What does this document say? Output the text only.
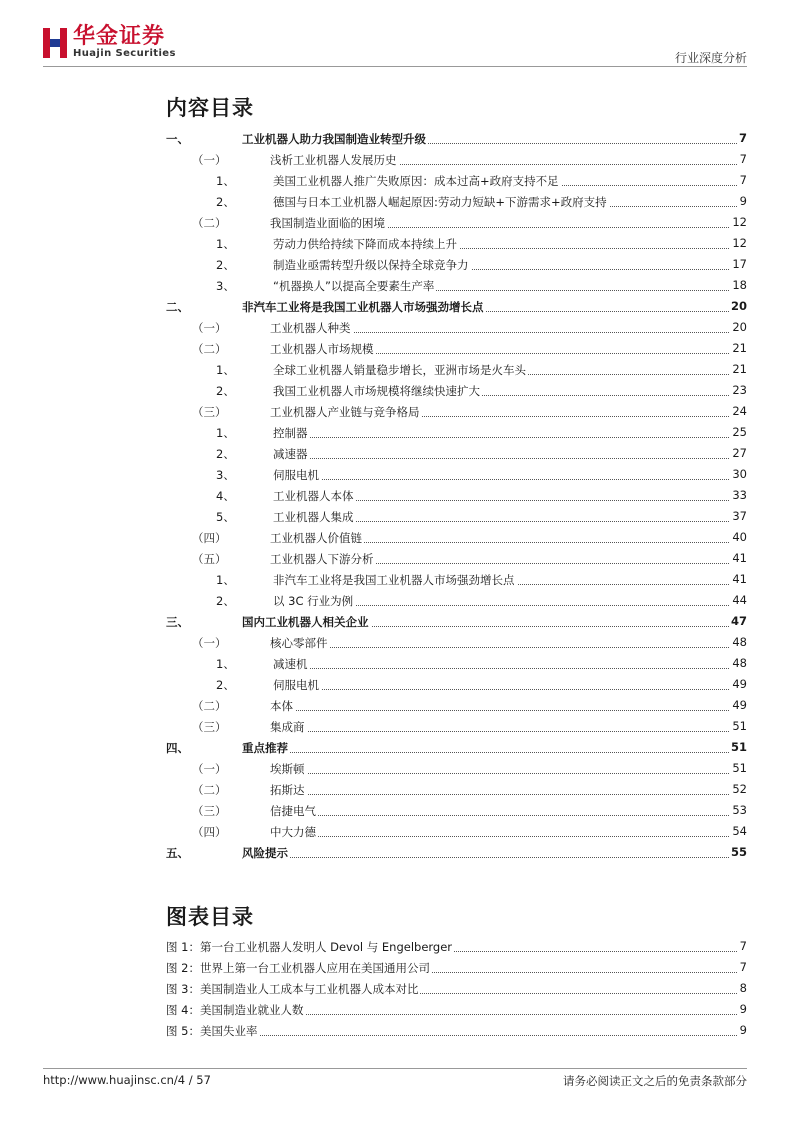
华金证券
Huajin Securities	行业深度分析
内容目录
一、	工业机器人助力我国制造业转型升级	7
（一）	浅析工业机器人发展历史	7
1、	美国工业机器人推广失败原因：成本过高+政府支持不足	7
2、	德国与日本工业机器人崛起原因:劳动力短缺+下游需求+政府支持	9
（二）	我国制造业面临的困境	12
1、	劳动力供给持续下降而成本持续上升	12
2、	制造业亟需转型升级以保持全球竞争力	17
3、	“机器换人”以提高全要素生产率	18
二、	非汽车工业将是我国工业机器人市场强劲增长点	20
（一）	工业机器人种类	20
（二）	工业机器人市场规模	21
1、	全球工业机器人销量稳步增长，亚洲市场是火车头	21
2、	我国工业机器人市场规模将继续快速扩大	23
（三）	工业机器人产业链与竞争格局	24
1、	控制器	25
2、	减速器	27
3、	伺服电机	30
4、	工业机器人本体	33
5、	工业机器人集成	37
（四）	工业机器人价值链	40
（五）	工业机器人下游分析	41
1、	非汽车工业将是我国工业机器人市场强劲增长点	41
2、	以 3C 行业为例	44
三、	国内工业机器人相关企业	47
（一）	核心零部件	48
1、	减速机	48
2、	伺服电机	49
（二）	本体	49
（三）	集成商	51
四、	重点推荐	51
（一）	埃斯顿	51
（二）	拓斯达	52
（三）	信捷电气	53
（四）	中大力德	54
五、	风险提示	55
图表目录
图 1：第一台工业机器人发明人 Devol 与 Engelberger	7
图 2：世界上第一台工业机器人应用在美国通用公司	7
图 3：美国制造业人工成本与工业机器人成本对比	8
图 4：美国制造业就业人数	9
图 5：美国失业率	9
http://www.huajinsc.cn/4 / 57	请务必阅读正文之后的免责条款部分
